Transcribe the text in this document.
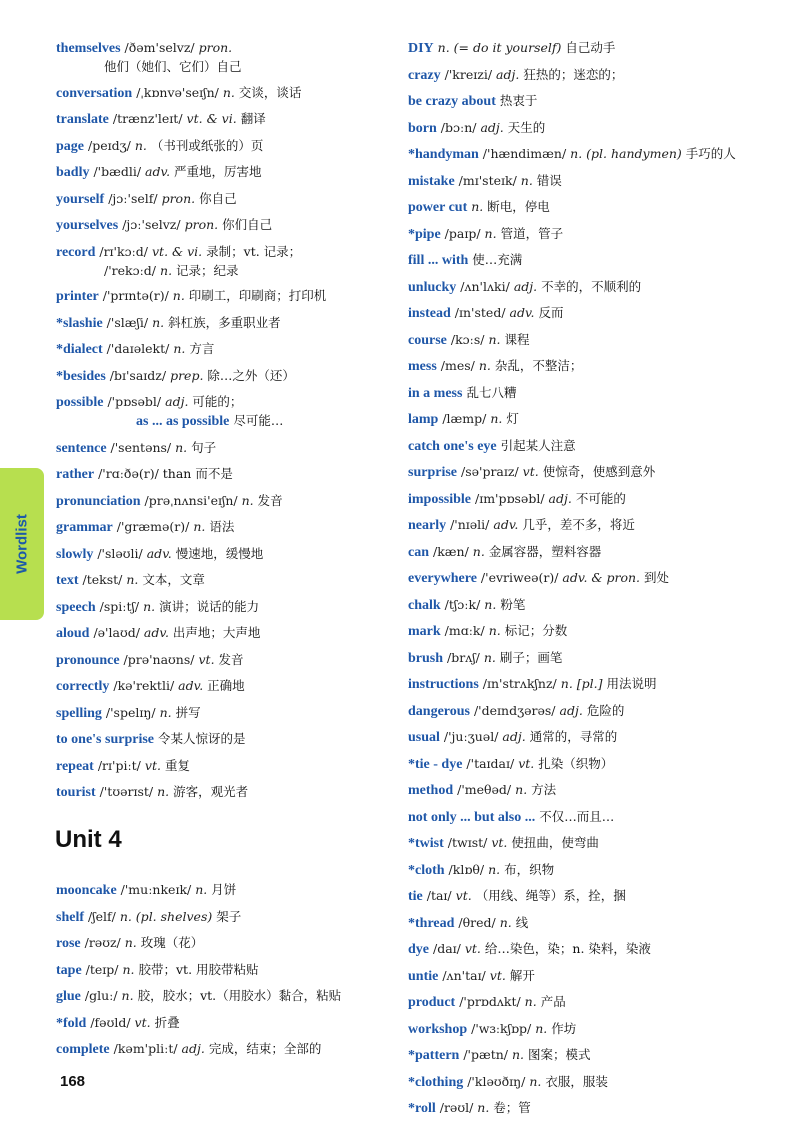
Wordlist
themselves /ðəm'selvz/ pron.
他们（她们、它们）自己
conversation /ˌkɒnvə'seɪʃn/ n. 交谈，谈话
translate /trænz'leɪt/ vt. & vi. 翻译
page /peɪdʒ/ n. （书刊或纸张的）页
badly /'bædli/ adv. 严重地，厉害地
yourself /jɔː'self/ pron. 你自己
yourselves /jɔː'selvz/ pron. 你们自己
record /rɪ'kɔːd/ vt. & vi. 录制；vt. 记录；
/'rekɔːd/ n. 记录；纪录
printer /'prɪntə(r)/ n. 印刷工，印刷商；打印机
*slashie /'slæʃi/ n. 斜杠族，多重职业者
*dialect /'daɪəlekt/ n. 方言
*besides /bɪ'saɪdz/ prep. 除…之外（还）
possible /'pɒsəbl/ adj. 可能的；
as ... as possible 尽可能…
sentence /'sentəns/ n. 句子
rather /'rɑːðə(r)/ than 而不是
pronunciation /prəˌnʌnsi'eɪʃn/ n. 发音
grammar /'græmə(r)/ n. 语法
slowly /'sləʊli/ adv. 慢速地，缓慢地
text /tekst/ n. 文本，文章
speech /spiːtʃ/ n. 演讲；说话的能力
aloud /ə'laʊd/ adv. 出声地；大声地
pronounce /prə'naʊns/ vt. 发音
correctly /kə'rektli/ adv. 正确地
spelling /'spelɪŋ/ n. 拼写
to one's surprise 令某人惊讶的是
repeat /rɪ'piːt/ vt. 重复
tourist /'tʊərɪst/ n. 游客，观光者
Unit 4
mooncake /'muːnkeɪk/ n. 月饼
shelf /ʃelf/ n. (pl. shelves) 架子
rose /rəʊz/ n. 玫瑰（花）
tape /teɪp/ n. 胶带；vt. 用胶带粘贴
glue /gluː/ n. 胶，胶水；vt.（用胶水）黏合，粘贴
*fold /fəʊld/ vt. 折叠
complete /kəm'pliːt/ adj. 完成，结束；全部的
DIY n. (= do it yourself) 自己动手
crazy /'kreɪzi/ adj. 狂热的；迷恋的；
be crazy about 热衷于
born /bɔːn/ adj. 天生的
*handyman /'hændimæn/ n. (pl. handymen) 手巧的人
mistake /mɪ'steɪk/ n. 错误
power cut n. 断电，停电
*pipe /paɪp/ n. 管道，管子
fill ... with 使…充满
unlucky /ʌn'lʌki/ adj. 不幸的，不顺利的
instead /ɪn'sted/ adv. 反而
course /kɔːs/ n. 课程
mess /mes/ n. 杂乱，不整洁；
in a mess 乱七八糟
lamp /læmp/ n. 灯
catch one's eye 引起某人注意
surprise /sə'praɪz/ vt. 使惊奇，使感到意外
impossible /ɪm'pɒsəbl/ adj. 不可能的
nearly /'nɪəli/ adv. 几乎，差不多，将近
can /kæn/ n. 金属容器，塑料容器
everywhere /'evriweə(r)/ adv. & pron. 到处
chalk /tʃɔːk/ n. 粉笔
mark /mɑːk/ n. 标记；分数
brush /brʌʃ/ n. 刷子；画笔
instructions /ɪn'strʌkʃnz/ n. [pl.] 用法说明
dangerous /'deɪndʒərəs/ adj. 危险的
usual /'juːʒuəl/ adj. 通常的，寻常的
*tie - dye /'taɪdaɪ/ vt. 扎染（织物）
method /'meθəd/ n. 方法
not only ... but also ... 不仅…而且…
*twist /twɪst/ vt. 使扭曲，使弯曲
*cloth /klɒθ/ n. 布，织物
tie /taɪ/ vt. （用线、绳等）系，拴，捆
*thread /θred/ n. 线
dye /daɪ/ vt. 给…染色，染；n. 染料，染液
untie /ʌn'taɪ/ vt. 解开
product /'prɒdʌkt/ n. 产品
workshop /'wɜːkʃɒp/ n. 作坊
*pattern /'pætn/ n. 图案；模式
*clothing /'kləʊðɪŋ/ n. 衣服，服装
*roll /rəʊl/ n. 卷；管
168
